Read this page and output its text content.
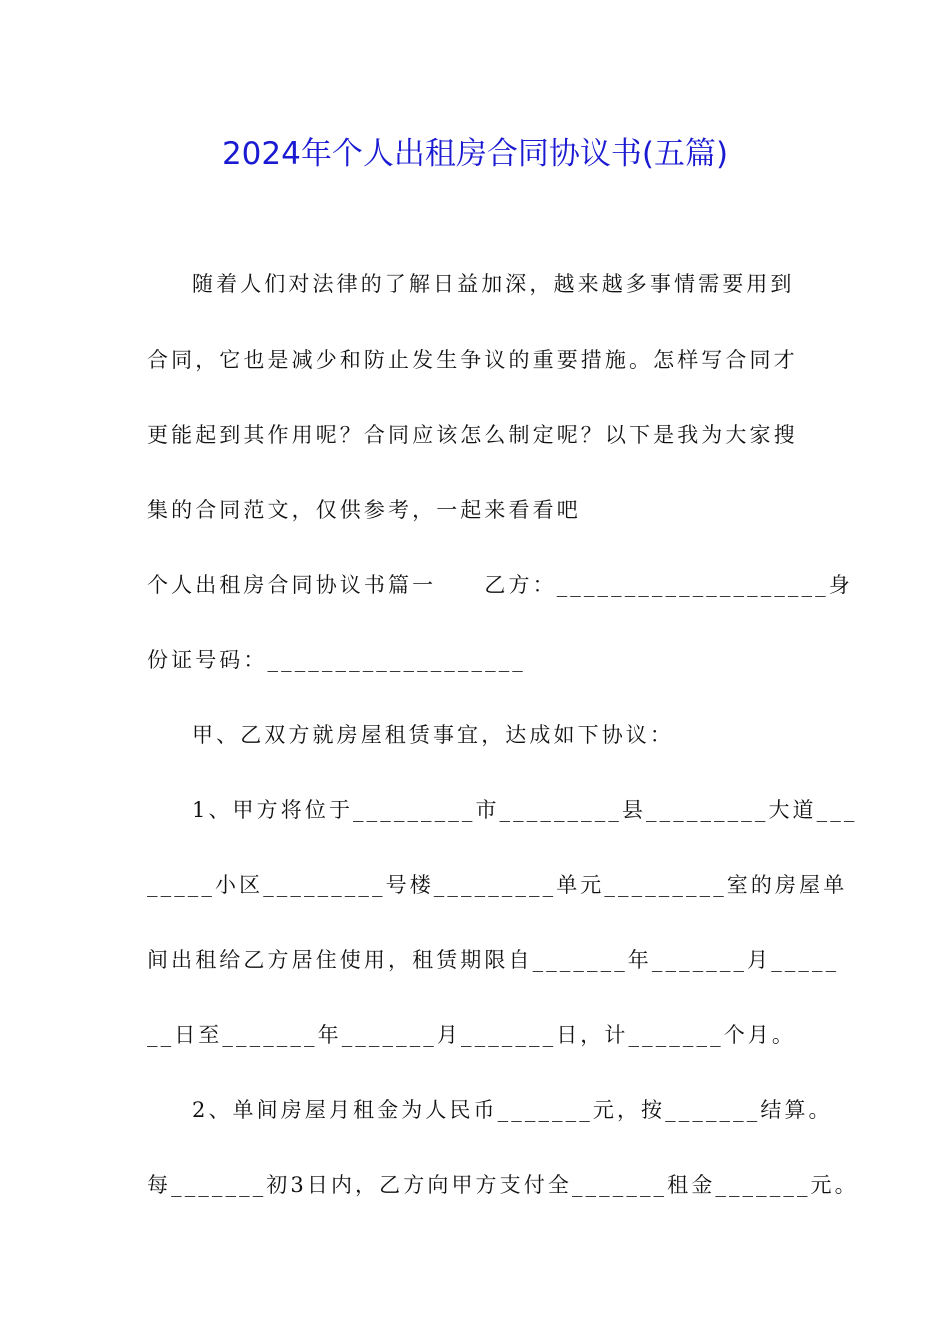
2024年个人出租房合同协议书(五篇)
随着人们对法律的了解日益加深，越来越多事情需要用到
合同，它也是减少和防止发生争议的重要措施。怎样写合同才
更能起到其作用呢？合同应该怎么制定呢？以下是我为大家搜
集的合同范文，仅供参考，一起来看看吧
个人出租房合同协议书篇一　　乙方：____________________身
份证号码：___________________
甲、乙双方就房屋租赁事宜，达成如下协议：
1、甲方将位于_________市_________县_________大道___
_____小区_________号楼_________单元_________室的房屋单
间出租给乙方居住使用，租赁期限自_______年_______月_____
__日至_______年_______月_______日，计_______个月。
2、单间房屋月租金为人民币_______元，按_______结算。
每_______初3日内，乙方向甲方支付全_______租金_______元。
